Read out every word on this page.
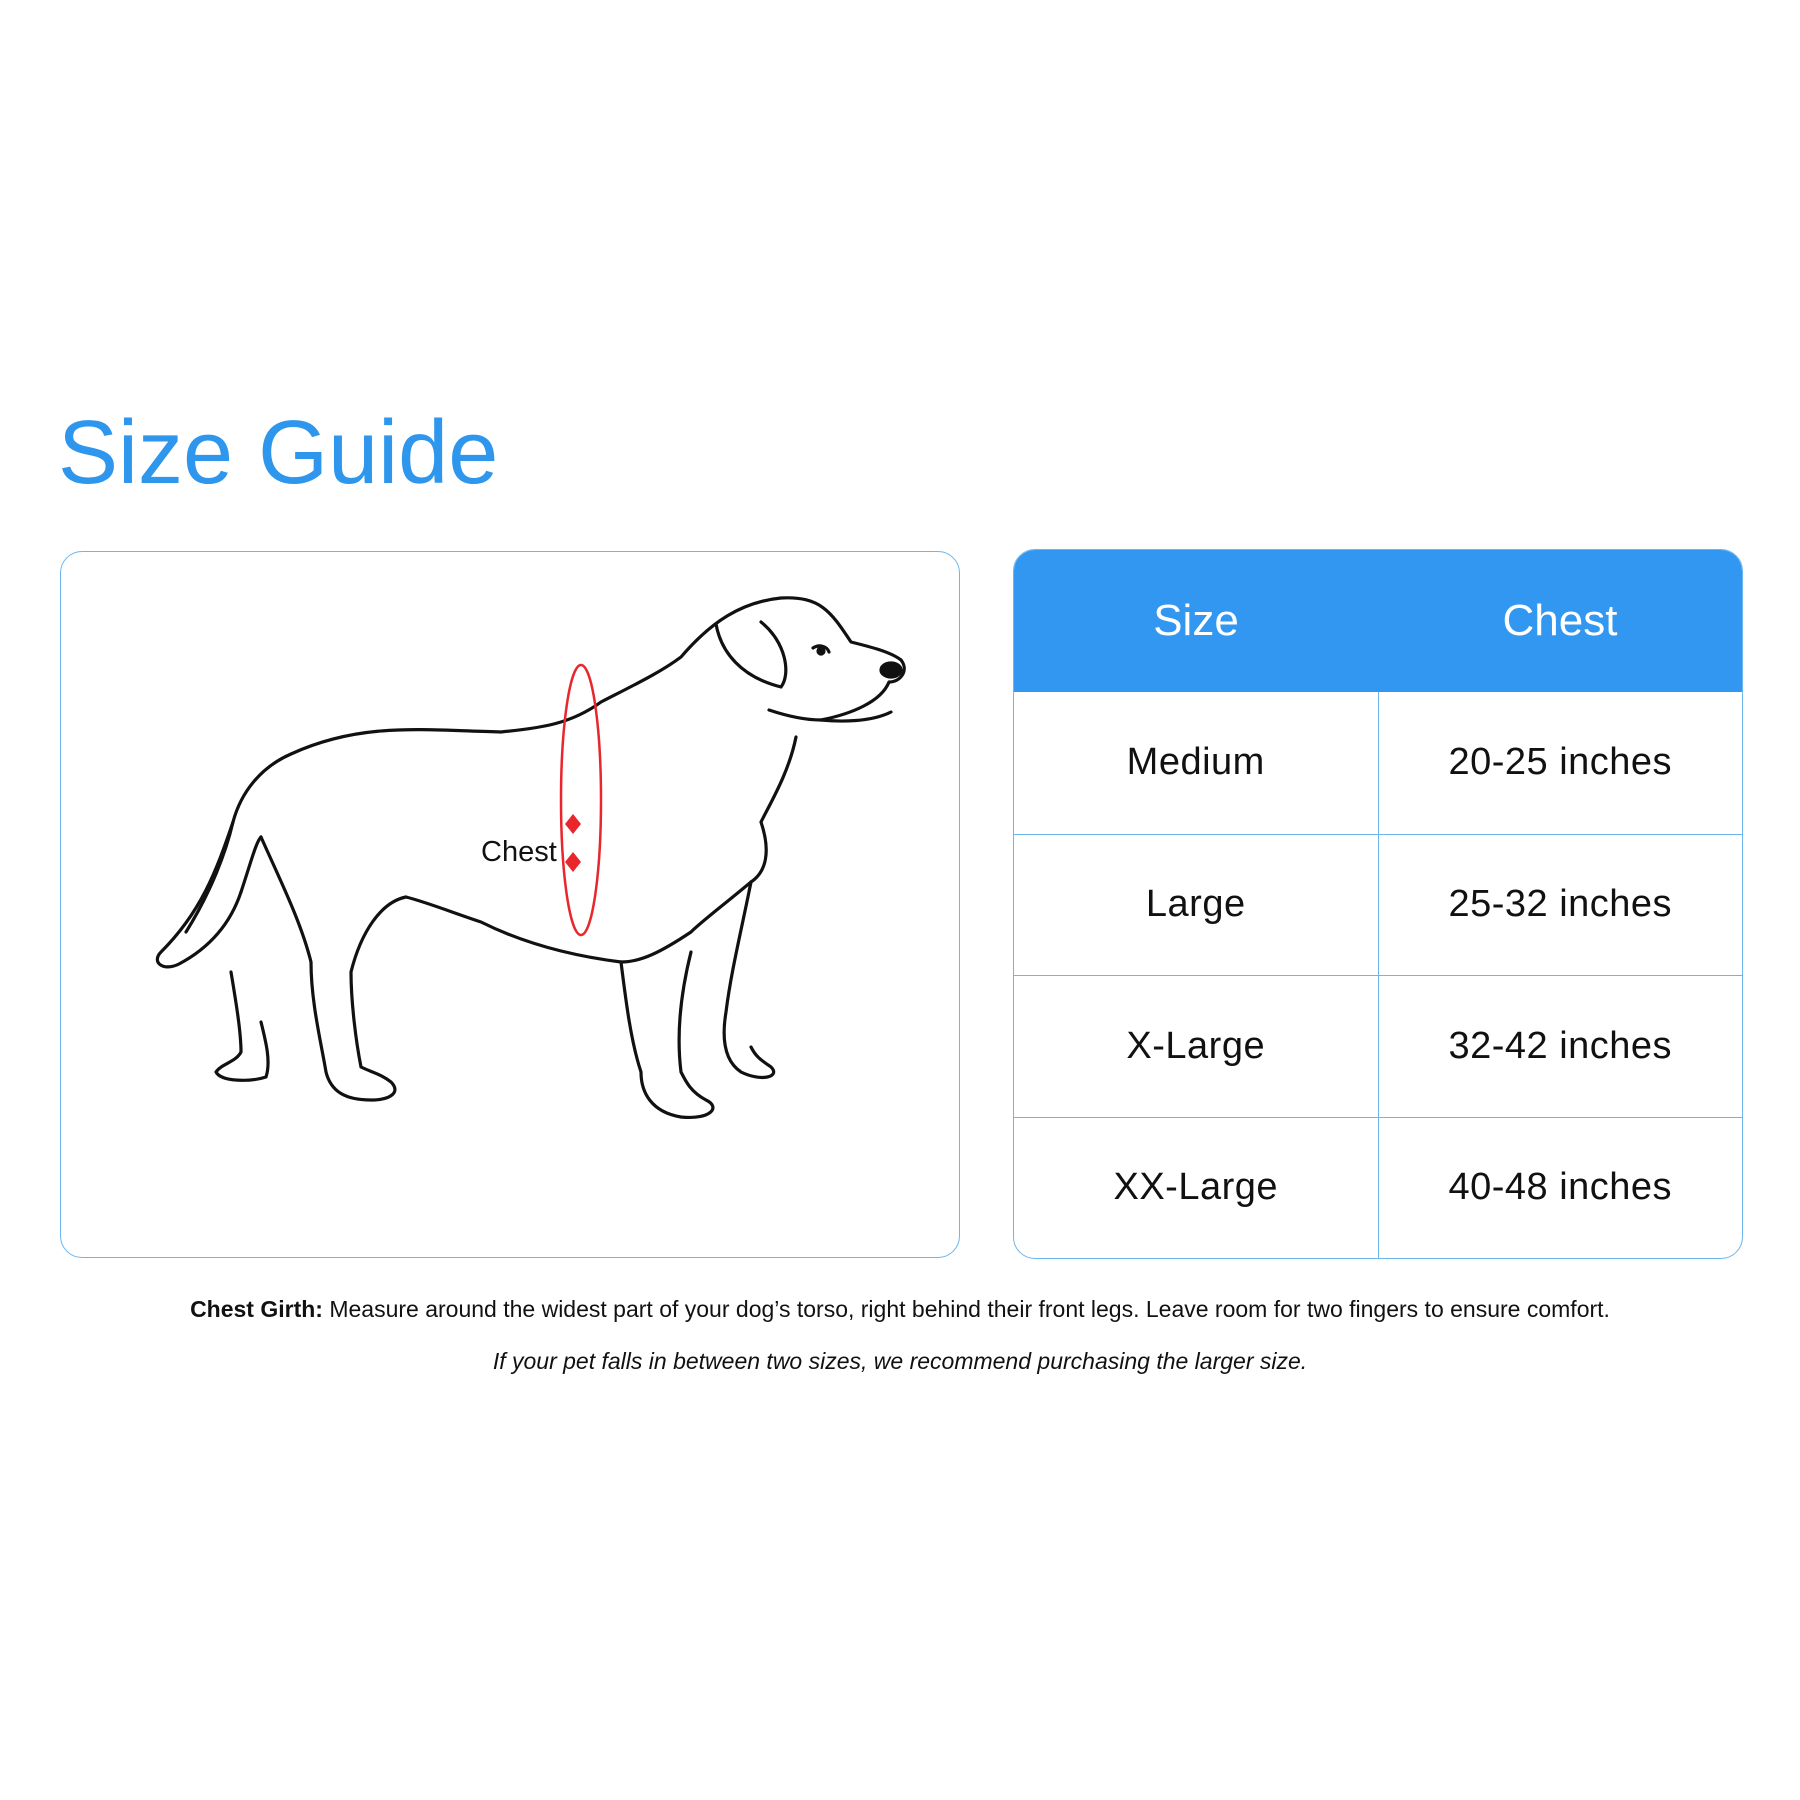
Size Guide
Chest
Size	Chest
Medium	20-25 inches
Large	25-32 inches
X-Large	32-42 inches
XX-Large	40-48 inches
Chest Girth: Measure around the widest part of your dog’s torso, right behind their front legs. Leave room for two fingers to ensure comfort.
If your pet falls in between two sizes, we recommend purchasing the larger size.
